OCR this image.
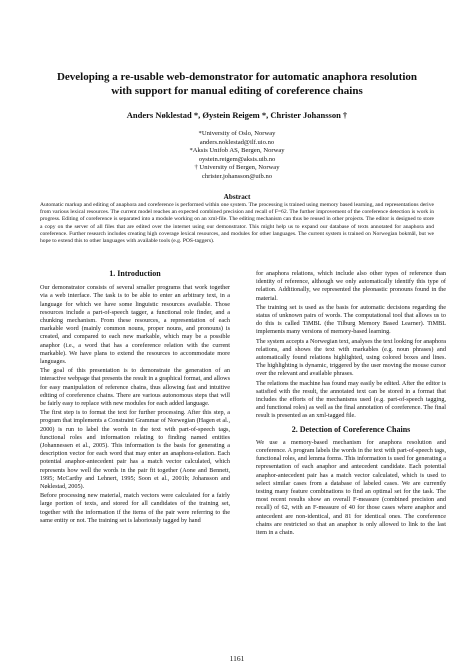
Developing a re-usable web-demonstrator for automatic anaphora resolution
with support for manual editing of coreference chains
Anders Nøklestad *, Øystein Reigem *, Christer Johansson †
*University of Oslo, Norway
anders.noklestad@ilf.uio.no
*Aksis Unifob AS, Bergen, Norway
oystein.reigem@aksis.uib.no
† University of Bergen, Norway
christer.johansson@uib.no
Abstract
Automatic markup and editing of anaphora and coreference is performed within one system. The processing is trained using memory based learning, and representations derive from various lexical resources. The current model reaches an expected combined precision and recall of F=62. The further improvement of the coreference detection is work in progress. Editing of coreference is separated into a module working on an xml-file. The editing mechanism can thus be reused in other projects. The editor is designed to store a copy on the server of all files that are edited over the internet using our demonstrator. This might help us to expand our database of texts annotated for anaphora and coreference. Further research includes creating high coverage lexical resources, and modules for other languages. The current system is trained on Norwegian bokmål, but we hope to extend this to other languages with available tools (e.g. POS-taggers).
1. Introduction

Our demonstrator consists of several smaller programs that work together via a web interface. The task is to be able to enter an arbitrary text, in a language for which we have some linguistic resources available. Those resources include a part-of-speech tagger, a functional role finder, and a chunking mechanism. From these resources, a representation of each markable word (mainly common nouns, proper nouns, and pronouns) is created, and compared to each new markable, which may be a possible anaphor (i.e., a word that has a coreference relation with the current markable). We have plans to extend the resources to accommodate more languages.

The goal of this presentation is to demonstrate the generation of an interactive webpage that presents the result in a graphical format, and allows for easy manipulation of reference chains, thus allowing fast and intuitive editing of coreference chains. There are various autonomous steps that will be fairly easy to replace with new modules for each added language.

The first step is to format the text for further processing. After this step, a program that implements a Constraint Grammar of Norwegian (Hagen et al., 2000) is run to label the words in the text with part-of-speech tags, functional roles and information relating to finding named entities (Johannessen et al., 2005). This information is the basis for generating a description vector for each word that may enter an anaphora-relation. Each potential anaphor-antecedent pair has a match vector calculated, which represents how well the words in the pair fit together (Aone and Bennett, 1995; McCarthy and Lehnert, 1995; Soon et al., 2001b; Johansson and Nøklestad, 2005).

Before processing new material, match vectors were calculated for a fairly large portion of texts, and stored for all candidates of the training set, together with the information if the items of the pair were referring to the same entity or not. The training set is laboriously tagged by hand

for anaphora relations, which include also other types of reference than identity of reference, although we only automatically identify this type of relation. Additionally, we represented the pleonastic pronouns found in the material.

The training set is used as the basis for automatic decisions regarding the status of unknown pairs of words. The computational tool that allows us to do this is called TiMBL (the Tilburg Memory Based Learner). TiMBL implements many versions of memory-based learning.

The system accepts a Norwegian text, analyses the text looking for anaphora relations, and shows the text with markables (e.g. noun phrases) and automatically found relations highlighted, using colored boxes and lines. The highlighting is dynamic, triggered by the user moving the mouse cursor over the relevant and available phrases.

The relations the machine has found may easily be edited. After the editor is satisfied with the result, the annotated text can be stored in a format that includes the efforts of the mechanisms used (e.g. part-of-speech tagging, and functional roles) as well as the final annotation of coreference. The final result is presented as an xml-tagged file.

2. Detection of Coreference Chains

We use a memory-based mechanism for anaphora resolution and coreference. A program labels the words in the text with part-of-speech tags, functional roles, and lemma forms. This information is used for generating a representation of each anaphor and antecedent candidate. Each potential anaphor-antecedent pair has a match vector calculated, which is used to select similar cases from a database of labeled cases. We are currently testing many feature combinations to find an optimal set for the task. The most recent results show an overall F-measure (combined precision and recall) of 62, with an F-measure of 40 for those cases where anaphor and antecedent are non-identical, and 81 for identical ones. The coreference chains are restricted so that an anaphor is only allowed to link to the last item in a chain.

1161
